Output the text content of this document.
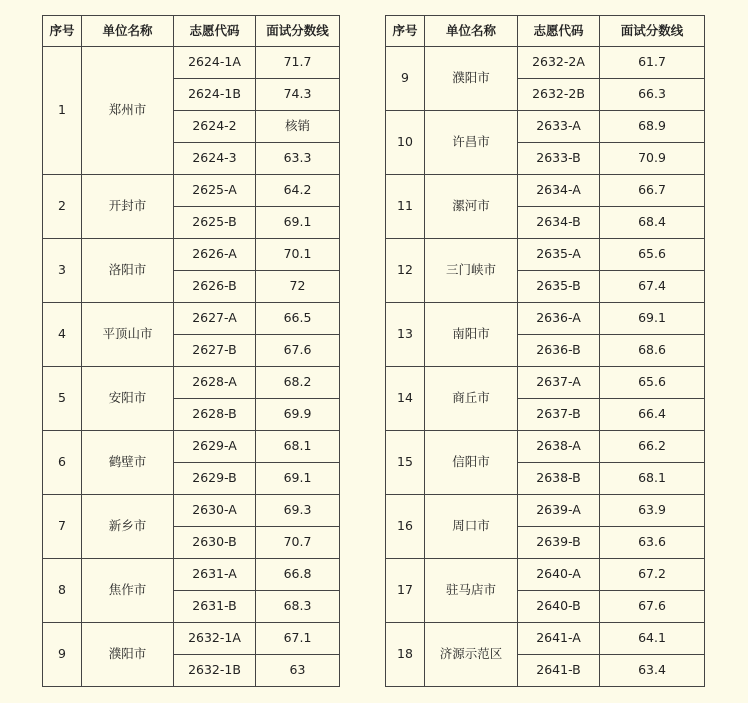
序号	单位名称	志愿代码	面试分数线
1	郑州市	2624-1A	71.7
		2624-1B	74.3
		2624-2	核销
		2624-3	63.3
2	开封市	2625-A	64.2
		2625-B	69.1
3	洛阳市	2626-A	70.1
		2626-B	72
4	平顶山市	2627-A	66.5
		2627-B	67.6
5	安阳市	2628-A	68.2
		2628-B	69.9
6	鹤壁市	2629-A	68.1
		2629-B	69.1
7	新乡市	2630-A	69.3
		2630-B	70.7
8	焦作市	2631-A	66.8
		2631-B	68.3
9	濮阳市	2632-1A	67.1
		2632-1B	63
序号	单位名称	志愿代码	面试分数线
9	濮阳市	2632-2A	61.7
		2632-2B	66.3
10	许昌市	2633-A	68.9
		2633-B	70.9
11	漯河市	2634-A	66.7
		2634-B	68.4
12	三门峡市	2635-A	65.6
		2635-B	67.4
13	南阳市	2636-A	69.1
		2636-B	68.6
14	商丘市	2637-A	65.6
		2637-B	66.4
15	信阳市	2638-A	66.2
		2638-B	68.1
16	周口市	2639-A	63.9
		2639-B	63.6
17	驻马店市	2640-A	67.2
		2640-B	67.6
18	济源示范区	2641-A	64.1
		2641-B	63.4
